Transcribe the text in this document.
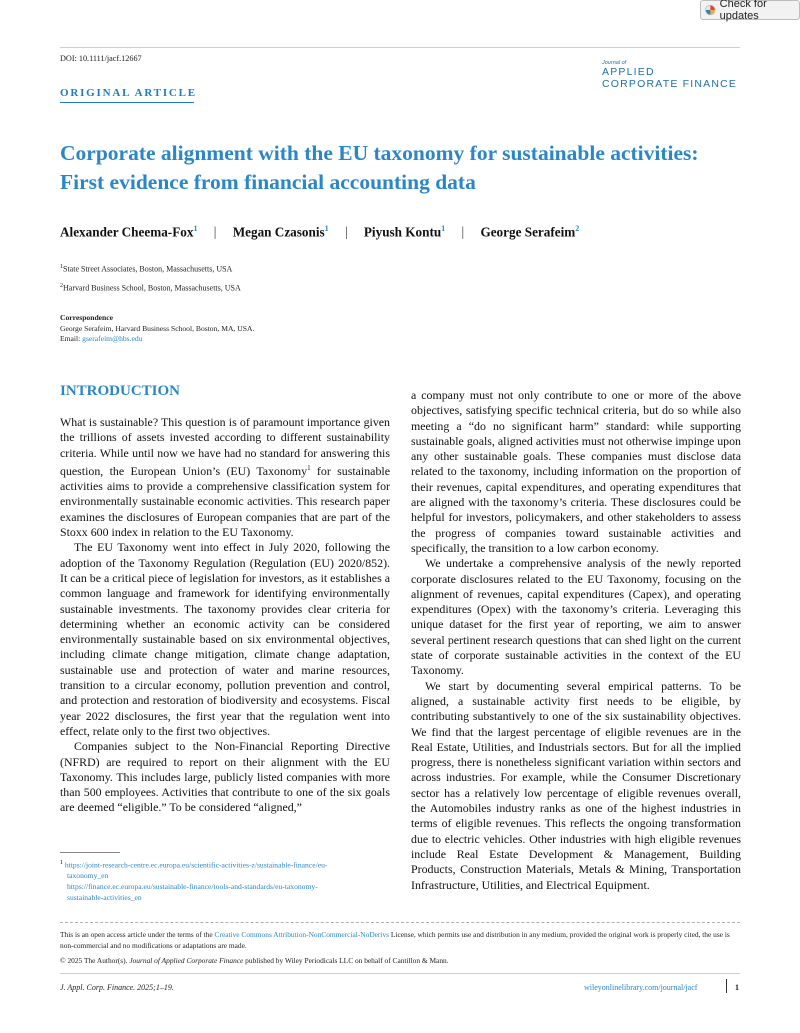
Check for updates
DOI: 10.1111/jacf.12667	Journal of
APPLIED
CORPORATE FINANCE
ORIGINAL ARTICLE
Corporate alignment with the EU taxonomy for sustainable activities:
First evidence from financial accounting data
Alexander Cheema-Fox$^1$ | Megan Czasonis$^1$ | Piyush Kontu$^1$ | George Serafeim$^2$
$^1$State Street Associates, Boston, Massachusetts, USA
$^2$Harvard Business School, Boston, Massachusetts, USA
Correspondence
George Serafeim, Harvard Business School, Boston, MA, USA.
Email: gserafeim@hbs.edu
INTRODUCTION

What is sustainable? This question is of paramount importance given the trillions of assets invested according to different sustainability criteria. While until now we have had no standard for answering this question, the European Union’s (EU) Taxonomy$^1$ for sustainable activities aims to provide a comprehensive classification system for environmentally sustainable economic activities. This research paper examines the disclosures of European companies that are part of the Stoxx 600 index in relation to the EU Taxonomy.

The EU Taxonomy went into effect in July 2020, following the adoption of the Taxonomy Regulation (Regulation (EU) 2020/852). It can be a critical piece of legislation for investors, as it establishes a common language and framework for identifying environmentally sustainable investments. The taxonomy provides clear criteria for determining whether an economic activity can be considered environmentally sustainable based on six environmental objectives, including climate change mitigation, climate change adaptation, sustainable use and protection of water and marine resources, transition to a circular economy, pollution prevention and control, and protection and restoration of biodiversity and ecosystems. Fiscal year 2022 disclosures, the first year that the regulation went into effect, relate only to the first two objectives.

Companies subject to the Non-Financial Reporting Directive (NFRD) are required to report on their alignment with the EU Taxonomy. This includes large, publicly listed companies with more than 500 employees. Activities that contribute to one of the six goals are deemed “eligible.” To be considered “aligned,”

a company must not only contribute to one or more of the above objectives, satisfying specific technical criteria, but do so while also meeting a “do no significant harm” standard: while supporting sustainable goals, aligned activities must not otherwise impinge upon any other sustainable goals. These companies must disclose data related to the taxonomy, including information on the proportion of their revenues, capital expenditures, and operating expenditures that are aligned with the taxonomy’s criteria. These disclosures could be helpful for investors, policymakers, and other stakeholders to assess the progress of companies toward sustainable activities and specifically, the transition to a low carbon economy.

We undertake a comprehensive analysis of the newly reported corporate disclosures related to the EU Taxonomy, focusing on the alignment of revenues, capital expenditures (Capex), and operating expenditures (Opex) with the taxonomy’s criteria. Leveraging this unique dataset for the first year of reporting, we aim to answer several pertinent research questions that can shed light on the current state of corporate sustainable activities in the context of the EU Taxonomy.

We start by documenting several empirical patterns. To be aligned, a sustainable activity first needs to be eligible, by contributing substantively to one of the six sustainability objectives. We find that the largest percentage of eligible revenues are in the Real Estate, Utilities, and Industrials sectors. But for all the implied progress, there is nonetheless significant variation within sectors and across industries. For example, while the Consumer Discretionary sector has a relatively low percentage of eligible revenues overall, the Automobiles industry ranks as one of the highest industries in terms of eligible revenues. This reflects the ongoing transformation due to electric vehicles. Other industries with high eligible revenues include Real Estate Development & Management, Building Products, Construction Materials, Metals & Mining, Transportation Infrastructure, Utilities, and Electrical Equipment.

$^1$ https://joint-research-centre.ec.europa.eu/scientific-activities-z/sustainable-finance/eu-
taxonomy_en
https://finance.ec.europa.eu/sustainable-finance/tools-and-standards/eu-taxonomy-
sustainable-activities_en
This is an open access article under the terms of the Creative Commons Attribution-NonCommercial-NoDerivs License, which permits use and distribution in any medium, provided the original work is properly cited, the use is non-commercial and no modifications or adaptations are made.
© 2025 The Author(s). Journal of Applied Corporate Finance published by Wiley Periodicals LLC on behalf of Cantillon & Mann.
J. Appl. Corp. Finance. 2025;1–19.	wileyonlinelibrary.com/journal/jacf	1
